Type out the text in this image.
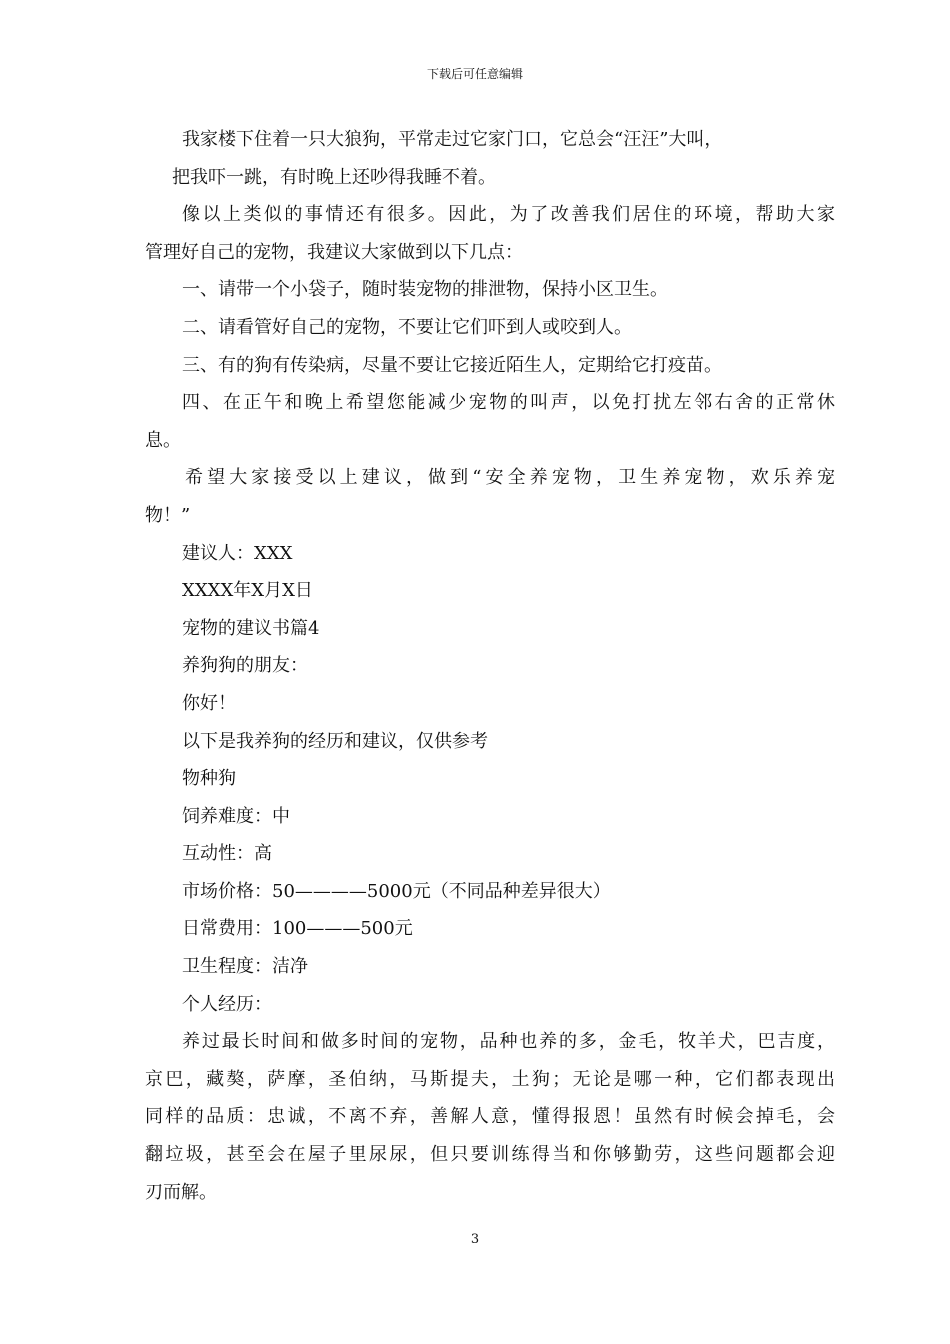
下载后可任意编辑
我家楼下住着一只大狼狗，平常走过它家门口，它总会“汪汪”大叫，
把我吓一跳，有时晚上还吵得我睡不着。
像以上类似的事情还有很多。因此，为了改善我们居住的环境，帮助大家
管理好自己的宠物，我建议大家做到以下几点：
一、请带一个小袋子，随时装宠物的排泄物，保持小区卫生。
二、请看管好自己的宠物，不要让它们吓到人或咬到人。
三、有的狗有传染病，尽量不要让它接近陌生人，定期给它打疫苗。
四、在正午和晚上希望您能减少宠物的叫声，以免打扰左邻右舍的正常休
息。
希望大家接受以上建议，做到“安全养宠物，卫生养宠物，欢乐养宠
物！”
建议人：XXX
XXXX年X月X日
宠物的建议书篇4
养狗狗的朋友：
你好！
以下是我养狗的经历和建议，仅供参考
物种狗
饲养难度：中
互动性：高
市场价格：50————5000元（不同品种差异很大）
日常费用：100———500元
卫生程度：洁净
个人经历：
养过最长时间和做多时间的宠物，品种也养的多，金毛，牧羊犬，巴吉度，
京巴，藏獒，萨摩，圣伯纳，马斯提夫，土狗；无论是哪一种，它们都表现出
同样的品质：忠诚，不离不弃，善解人意，懂得报恩！虽然有时候会掉毛，会
翻垃圾，甚至会在屋子里尿尿，但只要训练得当和你够勤劳，这些问题都会迎
刃而解。
3
